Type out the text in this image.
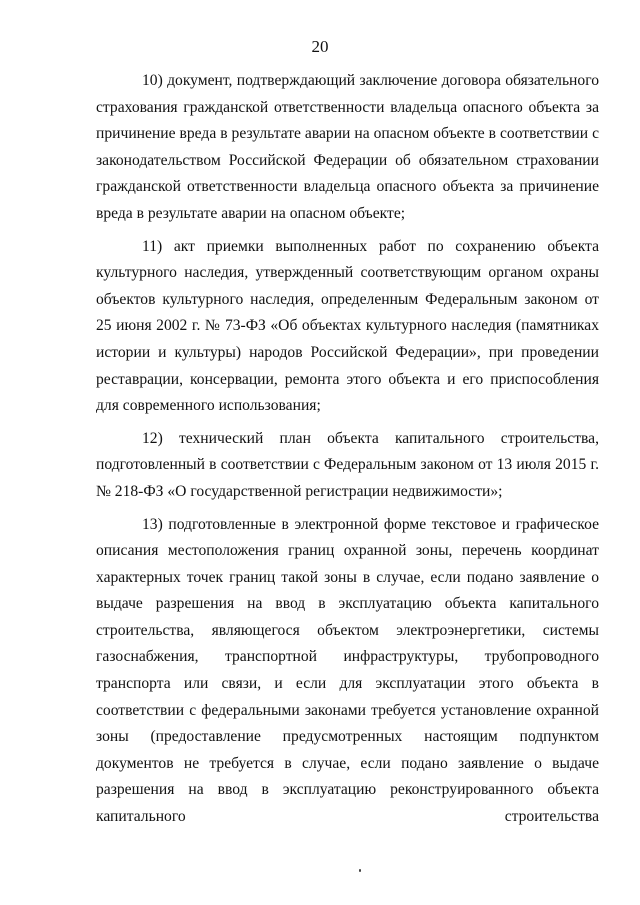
20

10) документ, подтверждающий заключение договора обязательного страхования гражданской ответственности владельца опасного объекта за причинение вреда в результате аварии на опасном объекте в соответствии с законодательством Российской Федерации об обязательном страховании гражданской ответственности владельца опасного объекта за причинение вреда в результате аварии на опасном объекте;

11) акт приемки выполненных работ по сохранению объекта культурного наследия, утвержденный соответствующим органом охраны объектов культурного наследия, определенным Федеральным законом от 25 июня 2002 г. № 73-ФЗ «Об объектах культурного наследия (памятниках истории и культуры) народов Российской Федерации», при проведении реставрации, консервации, ремонта этого объекта и его приспособления для современного использования;

12) технический план объекта капитального строительства, подготовленный в соответствии с Федеральным законом от 13 июля 2015 г. № 218-ФЗ «О государственной регистрации недвижимости»;

13) подготовленные в электронной форме текстовое и графическое описания местоположения границ охранной зоны, перечень координат характерных точек границ такой зоны в случае, если подано заявление о выдаче разрешения на ввод в эксплуатацию объекта капитального строительства, являющегося объектом электроэнергетики, системы газоснабжения, транспортной инфраструктуры, трубопроводного транспорта или связи, и если для эксплуатации этого объекта в соответствии с федеральными законами требуется установление охранной зоны (предоставление предусмотренных настоящим подпунктом документов не требуется в случае, если подано заявление о выдаче разрешения на ввод в эксплуатацию реконструированного объекта капитального строительства
